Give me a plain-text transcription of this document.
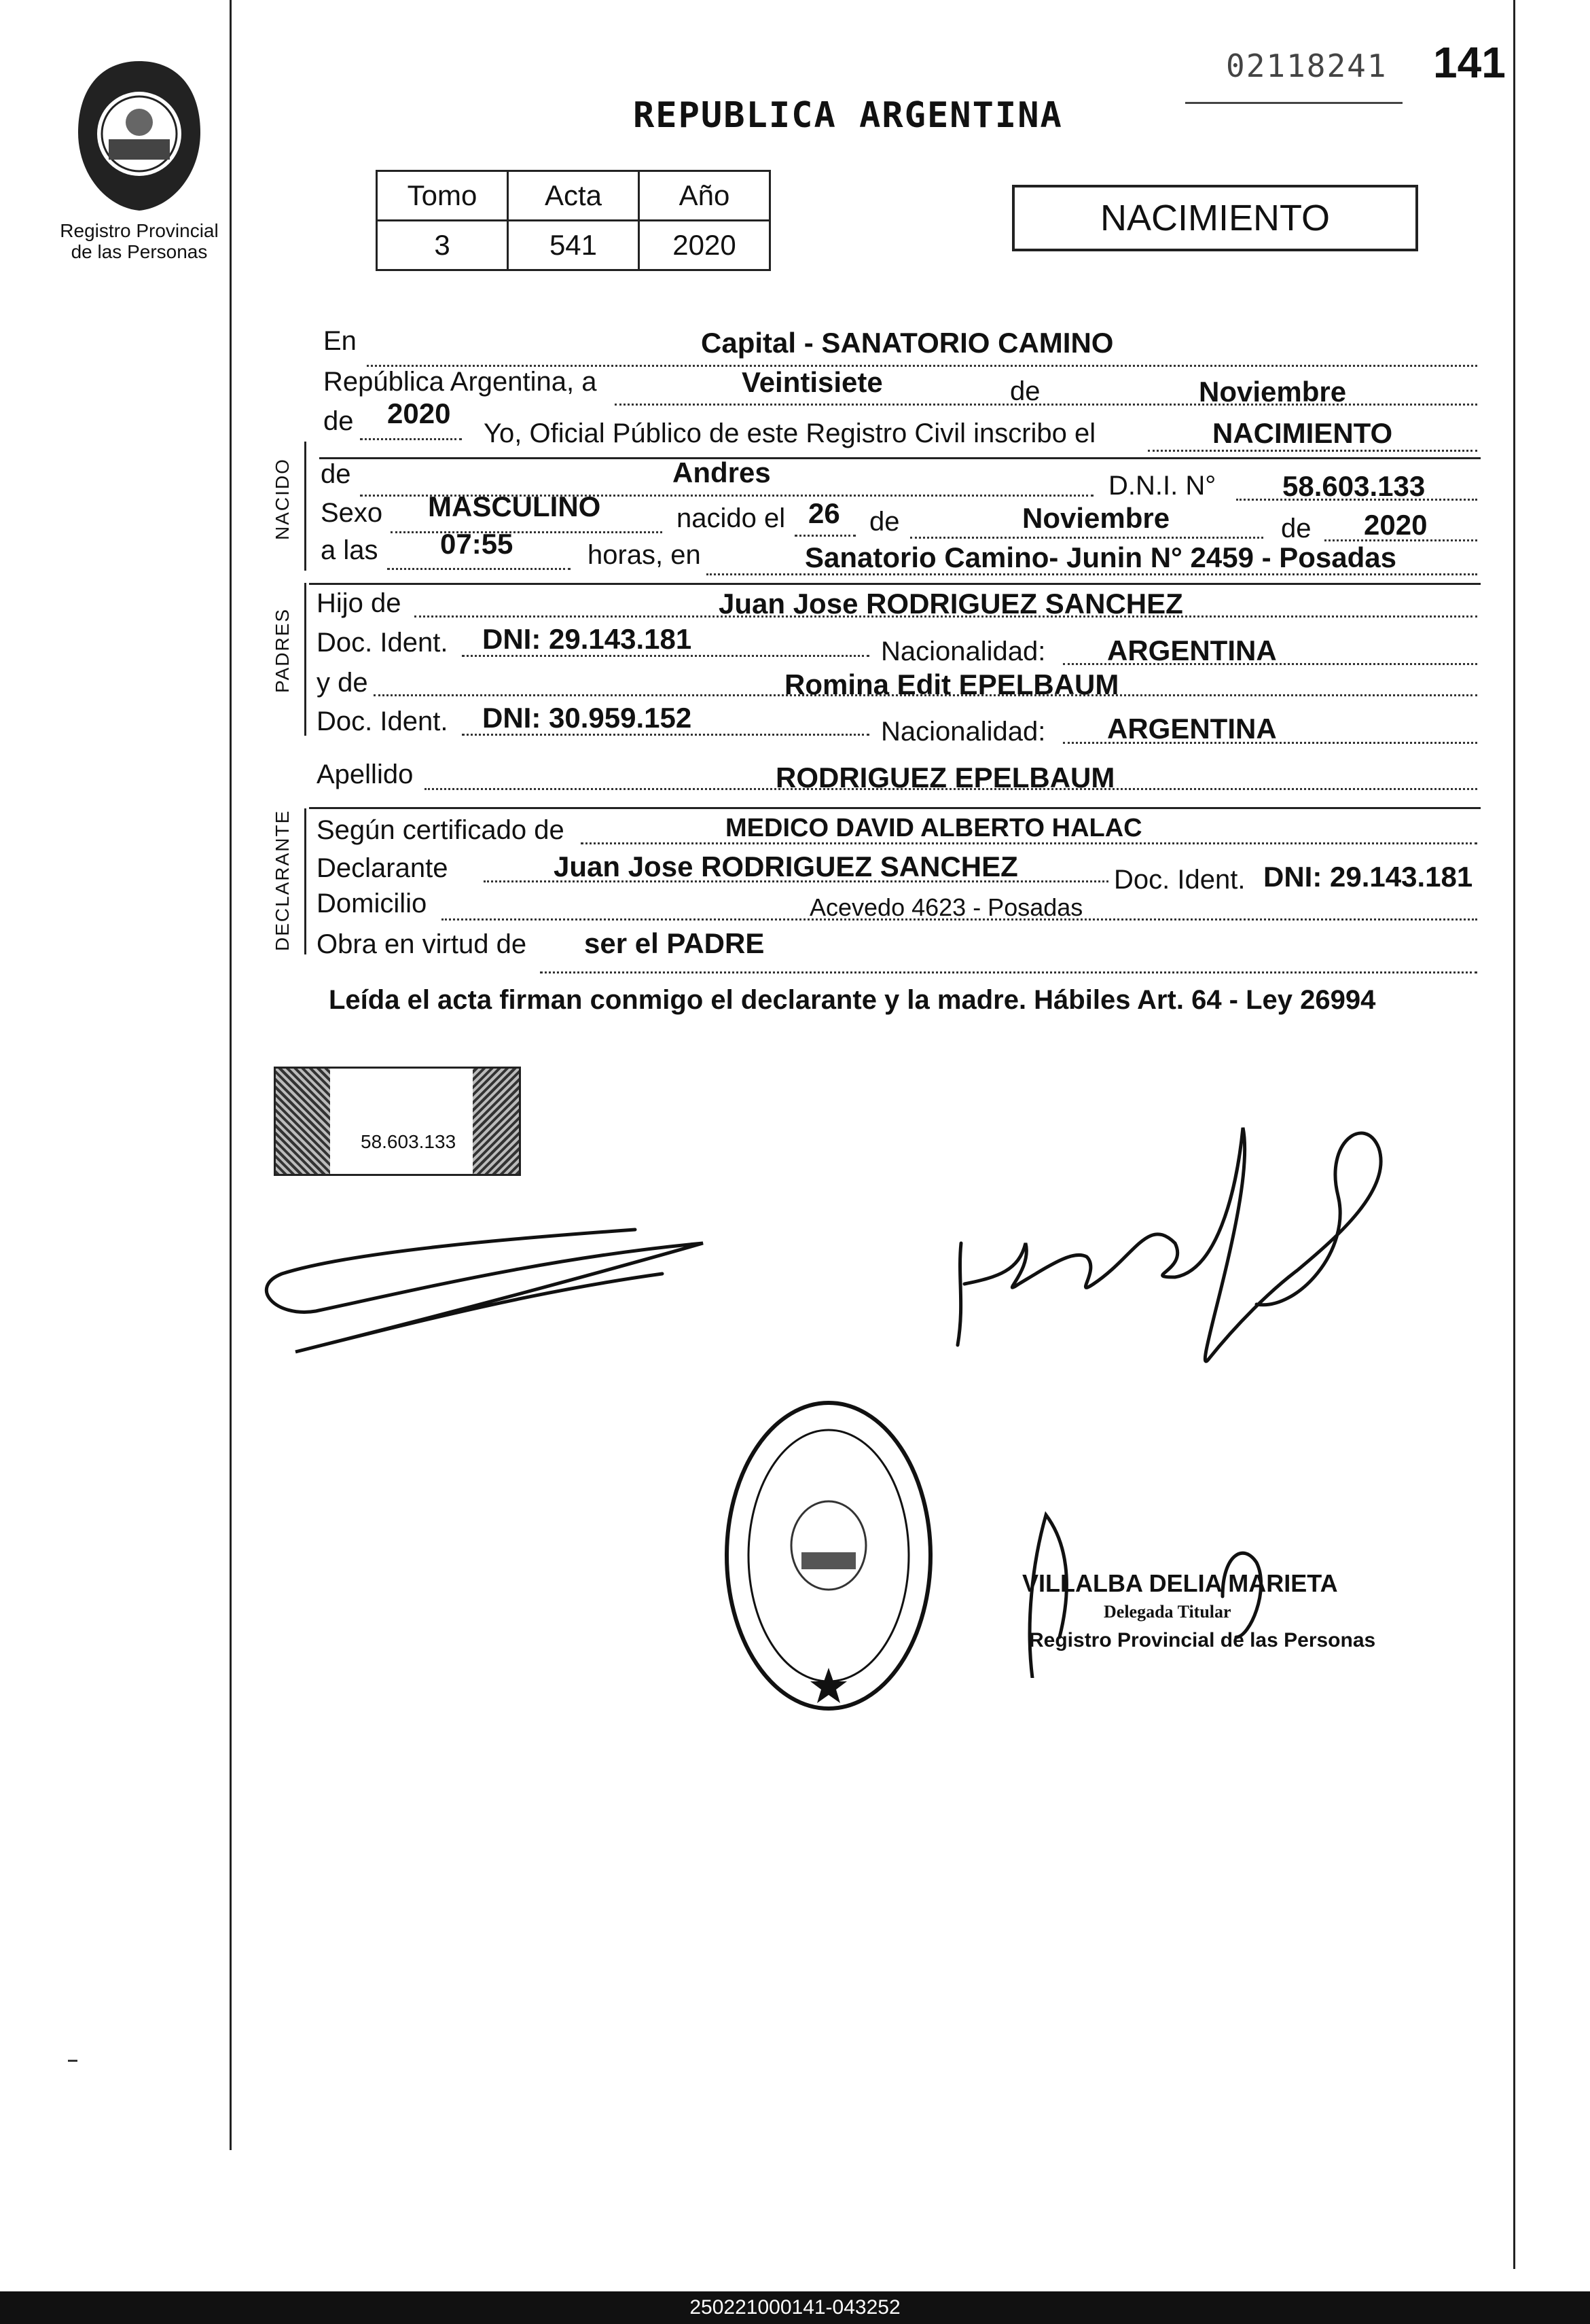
Registro Provincial
de las Personas
REPUBLICA ARGENTINA
02118241 141
Tomo	Acta	Año
3	541	2020
NACIMIENTO
NACIDO
PADRES
DECLARANTE
En	Capital - SANATORIO CAMINO
República Argentina, a	Veintisiete	de	Noviembre
de 2020
Yo, Oficial Público de este Registro Civil inscribo el	NACIMIENTO
de	Andres	D.N.I. N° 58.603.133
Sexo MASCULINO	nacido el 26 de	Noviembre	de 2020
a las 07:55	horas, en	Sanatorio Camino- Junin N° 2459 - Posadas
Hijo de	Juan Jose RODRIGUEZ SANCHEZ
Doc. Ident. DNI: 29.143.181	Nacionalidad: ARGENTINA
y de	Romina Edit EPELBAUM
Doc. Ident. DNI: 30.959.152	Nacionalidad: ARGENTINA
Apellido	RODRIGUEZ EPELBAUM
Según certificado de	MEDICO DAVID ALBERTO HALAC
Declarante	Juan Jose RODRIGUEZ SANCHEZ	Doc. Ident. DNI: 29.143.181
Domicilio	Acevedo 4623 - Posadas
Obra en virtud de ser el PADRE
Leída el acta firman conmigo el declarante y la madre. Hábiles Art. 64 - Ley 26994
58.603.133
VILLALBA DELIA MARIETA
Delegada Titular
Registro Provincial de las Personas
250221000141-043252
